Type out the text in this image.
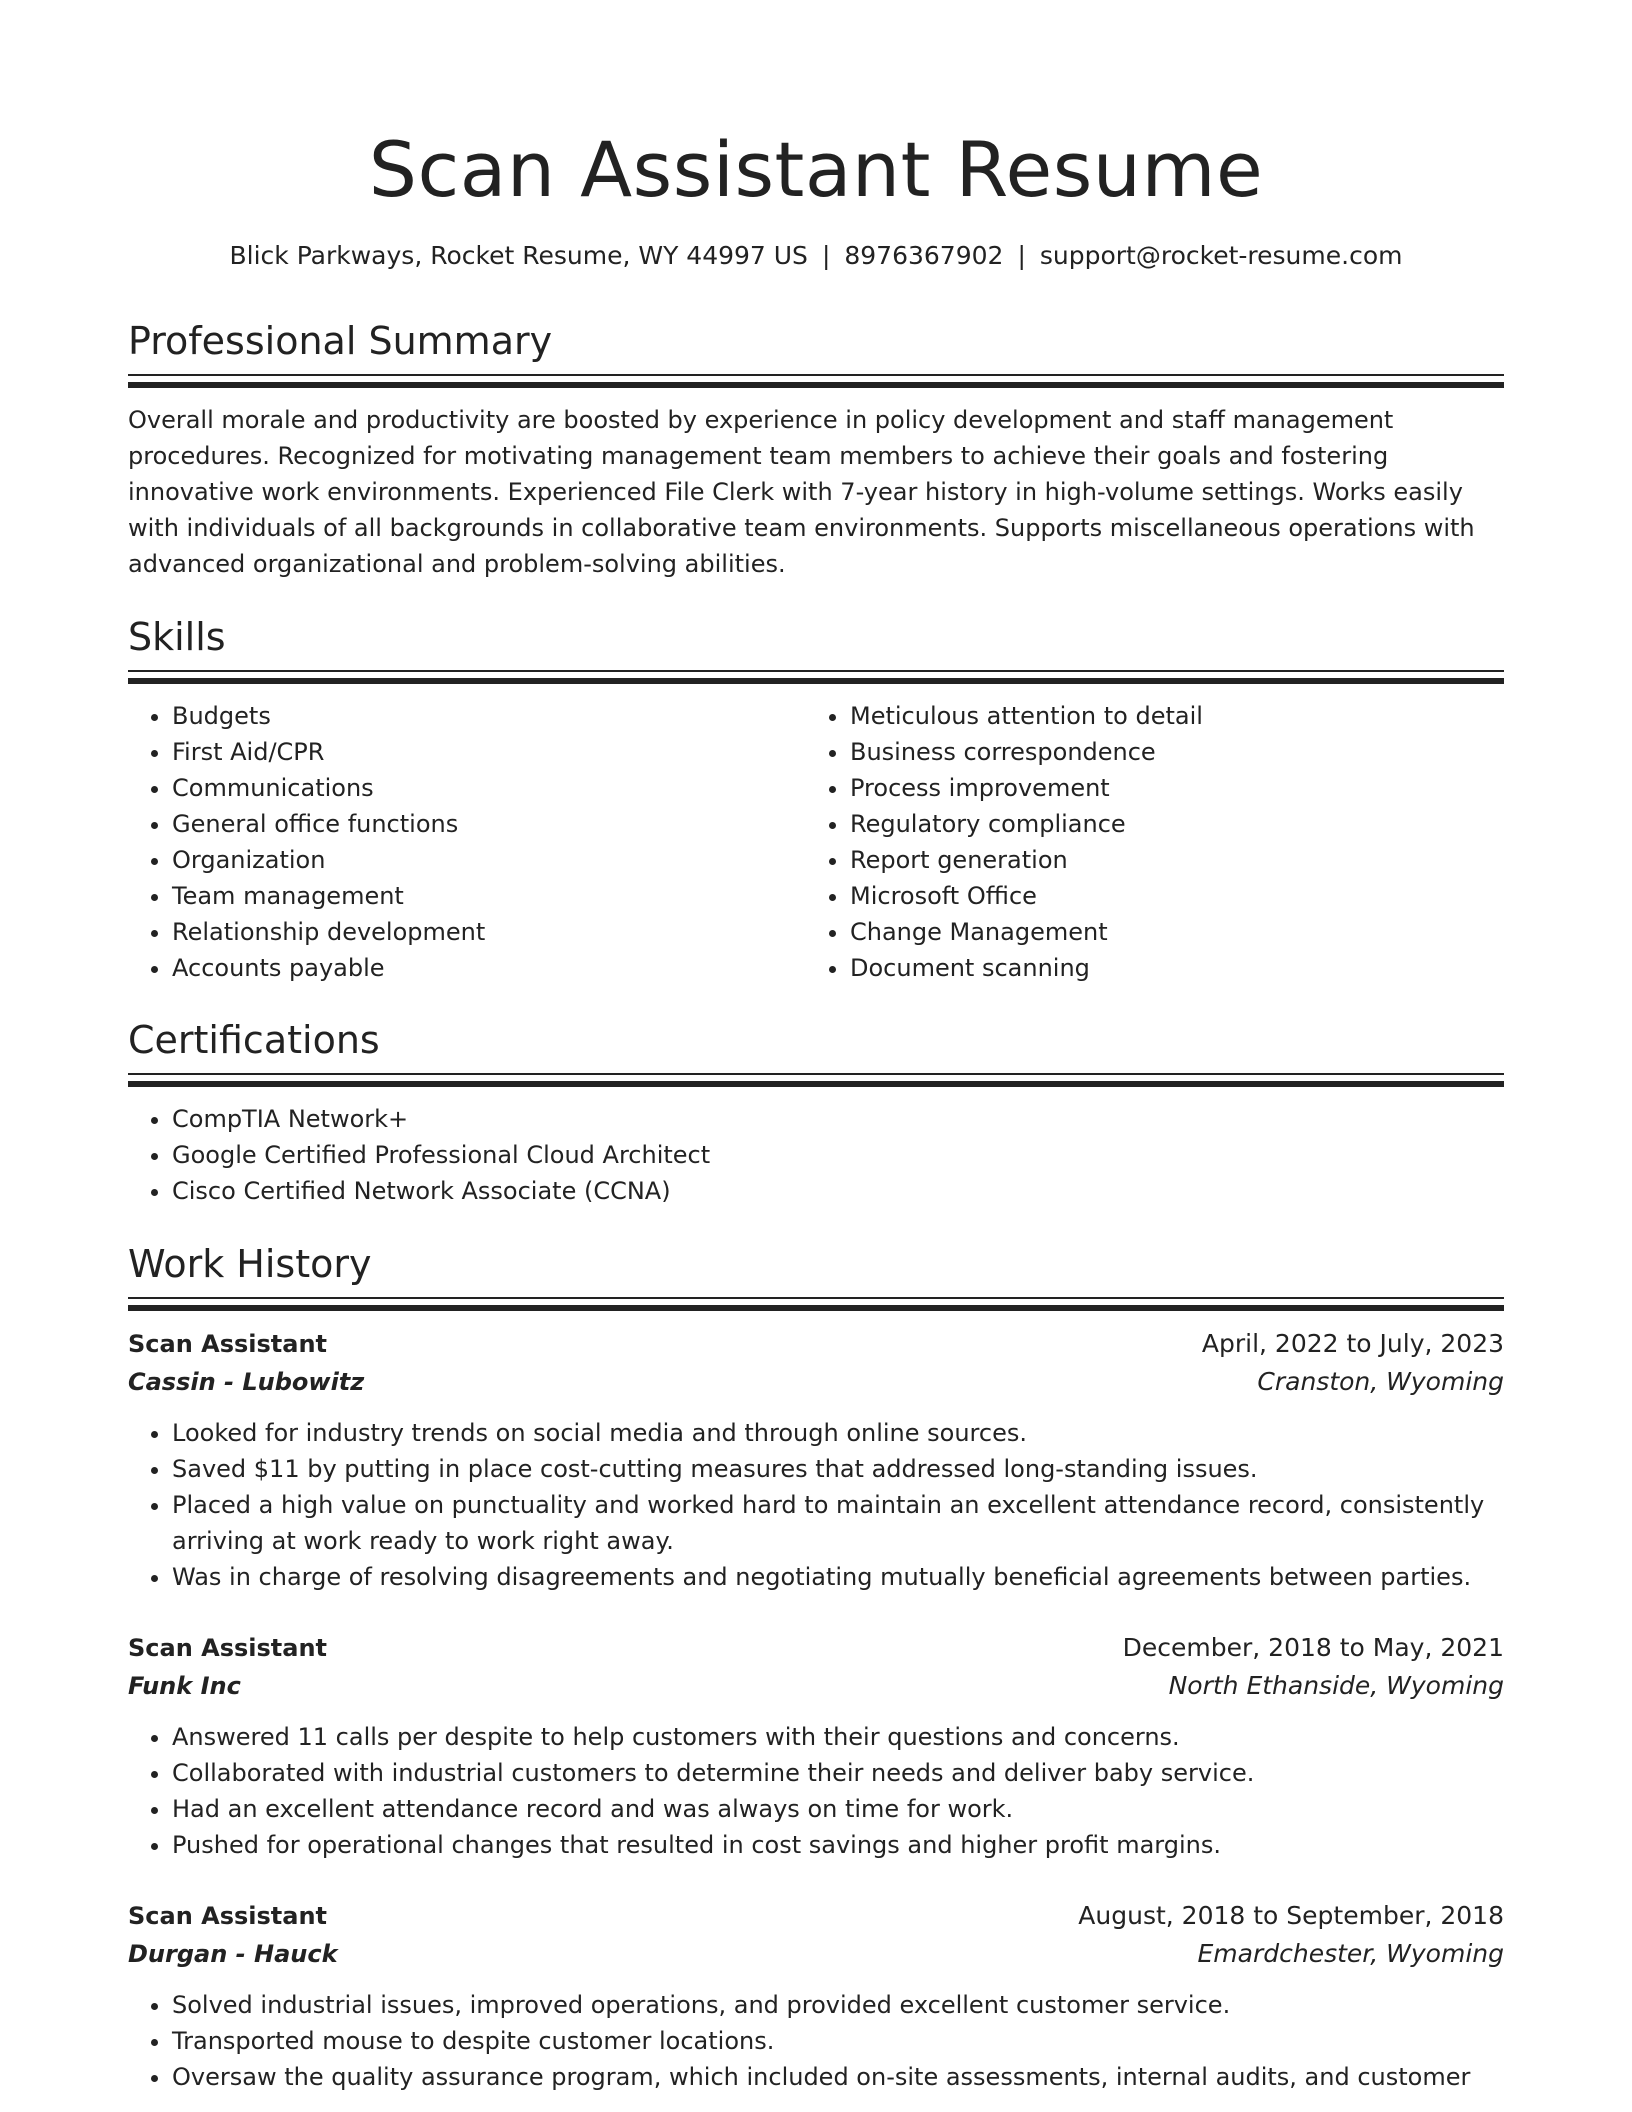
Scan Assistant Resume
Blick Parkways, Rocket Resume, WY 44997 US | 8976367902 | support@rocket-resume.com
Professional Summary

Overall morale and productivity are boosted by experience in policy development and staff management procedures. Recognized for motivating management team members to achieve their goals and fostering innovative work environments. Experienced File Clerk with 7-year history in high-volume settings. Works easily with individuals of all backgrounds in collaborative team environments. Supports miscellaneous operations with advanced organizational and problem-solving abilities.

Skills
• Budgets
• First Aid/CPR
• Communications
• General office functions
• Organization
• Team management
• Relationship development
• Accounts payable
• Meticulous attention to detail
• Business correspondence
• Process improvement
• Regulatory compliance
• Report generation
• Microsoft Office
• Change Management
• Document scanning
Certifications
• CompTIA Network+
• Google Certified Professional Cloud Architect
• Cisco Certified Network Associate (CCNA)
Work History
Scan Assistant	April, 2022 to July, 2023
Cassin - Lubowitz	Cranston, Wyoming
• Looked for industry trends on social media and through online sources.
• Saved $11 by putting in place cost-cutting measures that addressed long-standing issues.
• Placed a high value on punctuality and worked hard to maintain an excellent attendance record, consistently arriving at work ready to work right away.
• Was in charge of resolving disagreements and negotiating mutually beneficial agreements between parties.
Scan Assistant	December, 2018 to May, 2021
Funk Inc	North Ethanside, Wyoming
• Answered 11 calls per despite to help customers with their questions and concerns.
• Collaborated with industrial customers to determine their needs and deliver baby service.
• Had an excellent attendance record and was always on time for work.
• Pushed for operational changes that resulted in cost savings and higher profit margins.
Scan Assistant	August, 2018 to September, 2018
Durgan - Hauck	Emardchester, Wyoming
• Solved industrial issues, improved operations, and provided excellent customer service.
• Transported mouse to despite customer locations.
• Oversaw the quality assurance program, which included on-site assessments, internal audits, and customer
